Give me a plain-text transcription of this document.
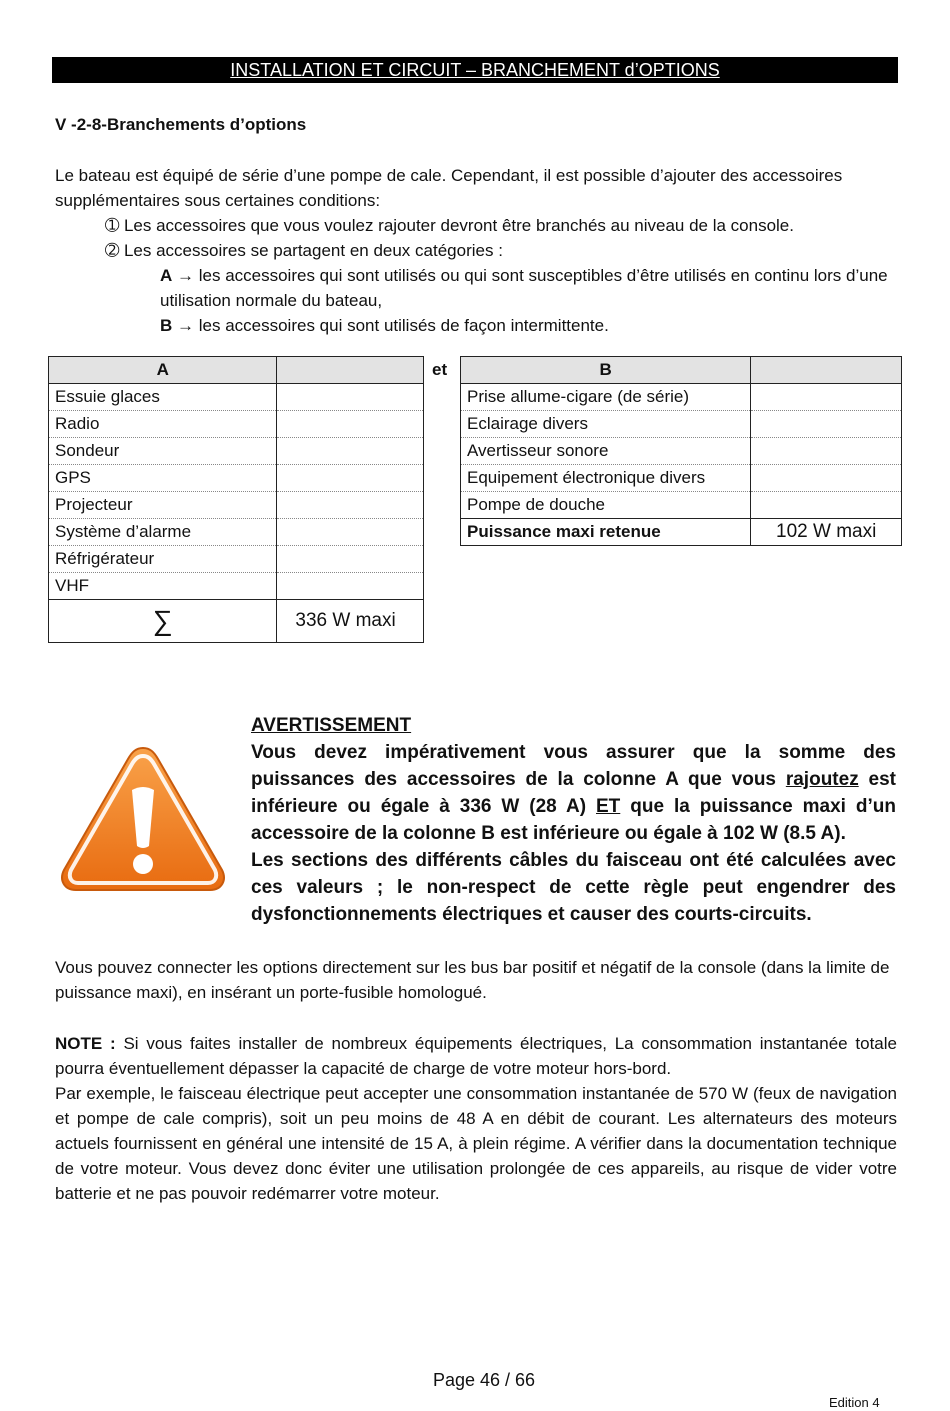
INSTALLATION ET CIRCUIT – BRANCHEMENT d’OPTIONS
V -2-8-Branchements d’options
Le bateau est équipé de série d’une pompe de cale. Cependant, il est possible d’ajouter des accessoires supplémentaires sous certaines conditions:
➀ Les accessoires que vous voulez rajouter devront être branchés au niveau de la console.
➁ Les accessoires se partagent en deux catégories :
A → les accessoires qui sont utilisés ou qui sont susceptibles d’être utilisés en continu lors d’une utilisation normale du bateau,
B → les accessoires qui sont utilisés de façon intermittente.
A	
Essuie glaces	
Radio	
Sondeur	
GPS	
Projecteur	
Système d’alarme	
Réfrigérateur	
VHF	
∑	336 W maxi
et	B	
Prise allume-cigare (de série)	
Eclairage divers	
Avertisseur sonore	
Equipement électronique divers	
Pompe de douche	
Puissance maxi retenue	102 W maxi
AVERTISSEMENT
Vous devez impérativement vous assurer que la somme des puissances des accessoires de la colonne A que vous rajoutez est inférieure ou égale à 336 W (28 A) ET que la puissance maxi d’un accessoire de la colonne B est inférieure ou égale à 102 W (8.5 A).
Les sections des différents câbles du faisceau ont été calculées avec ces valeurs ; le non-respect de cette règle peut engendrer des dysfonctionnements électriques et causer des courts-circuits.
Vous pouvez connecter les options directement sur les bus bar positif et négatif de la console (dans la limite de puissance maxi), en insérant un porte-fusible homologué.
NOTE : Si vous faites installer de nombreux équipements électriques, La consommation instantanée totale pourra éventuellement dépasser la capacité de charge de votre moteur hors-bord.
Par exemple, le faisceau électrique peut accepter une consommation instantanée de 570 W (feux de navigation et pompe de cale compris), soit un peu moins de 48 A en débit de courant. Les alternateurs des moteurs actuels fournissent en général une intensité de 15 A, à plein régime. A vérifier dans la documentation technique de votre moteur. Vous devez donc éviter une utilisation prolongée de ces appareils, au risque de vider votre batterie et ne pas pouvoir redémarrer votre moteur.
Page 46 / 66
Edition 4
